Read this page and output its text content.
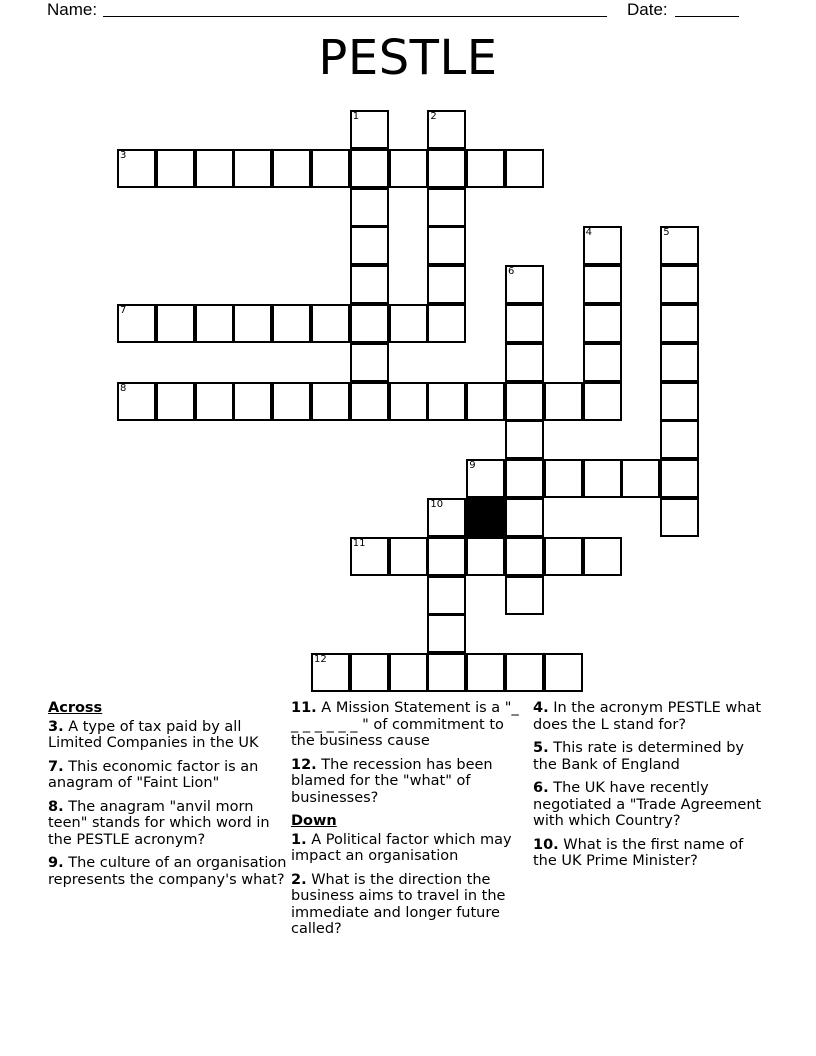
Name:	Date:
PESTLE
1	2
3
4	5
6
7
8
9
10
11
12
Across
3. A type of tax paid by all Limited Companies in the UK
7. This economic factor is an anagram of "Faint Lion"
8. The anagram "anvil morn teen" stands for which word in the PESTLE acronym?
9. The culture of an organisation represents the company's what?
11. A Mission Statement is a "_ _ _ _ _ _ _ " of commitment to the business cause
12. The recession has been blamed for the "what" of businesses?
Down
1. A Political factor which may impact an organisation
2. What is the direction the business aims to travel in the immediate and longer future called?
4. In the acronym PESTLE what does the L stand for?
5. This rate is determined by the Bank of England
6. The UK have recently negotiated a "Trade Agreement with which Country?
10. What is the first name of the UK Prime Minister?
